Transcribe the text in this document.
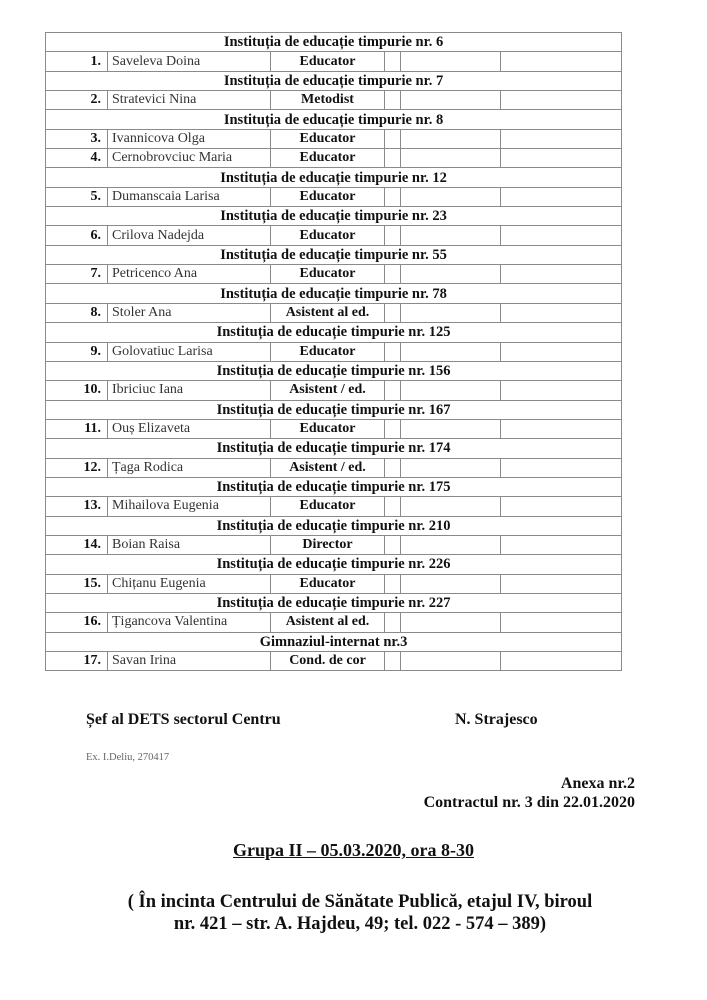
Instituția de educație timpurie nr. 6					
1.	Saveleva Doina	Educator			
Instituția de educație timpurie nr. 7					
2.	Stratevici Nina	Metodist			
Instituția de educație timpurie nr. 8					
3.	Ivannicova Olga	Educator			
4.	Cernobrovciuc Maria	Educator			
Instituția de educație timpurie nr. 12					
5.	Dumanscaia Larisa	Educator			
Instituția de educație timpurie nr. 23					
6.	Crilova Nadejda	Educator			
Instituția de educație timpurie nr. 55					
7.	Petricenco Ana	Educator			
Instituția de educație timpurie nr. 78					
8.	Stoler Ana	Asistent al ed.			
Instituția de educație timpurie nr. 125					
9.	Golovatiuc Larisa	Educator			
Instituția de educație timpurie nr. 156					
10.	Ibriciuc Iana	Asistent / ed.			
Instituția de educație timpurie nr. 167					
11.	Ouș Elizaveta	Educator			
Instituția de educație timpurie nr. 174					
12.	Țaga Rodica	Asistent / ed.			
Instituția de educație timpurie nr. 175					
13.	Mihailova Eugenia	Educator			
Instituția de educație timpurie nr. 210					
14.	Boian Raisa	Director			
Instituția de educație timpurie nr. 226					
15.	Chițanu Eugenia	Educator			
Instituția de educație timpurie nr. 227					
16.	Țigancova Valentina	Asistent al ed.			
Gimnaziul-internat nr.3					
17.	Savan Irina	Cond. de cor			
Șef al DETS sectorul Centru	N. Strajesco
Ex. I.Deliu, 270417
Anexa nr.2
Contractul nr. 3 din 22.01.2020
Grupa II – 05.03.2020, ora 8-30
( În incinta Centrului de Sănătate Publică, etajul IV, biroul
nr. 421 – str. A. Hajdeu, 49; tel. 022 - 574 – 389)
